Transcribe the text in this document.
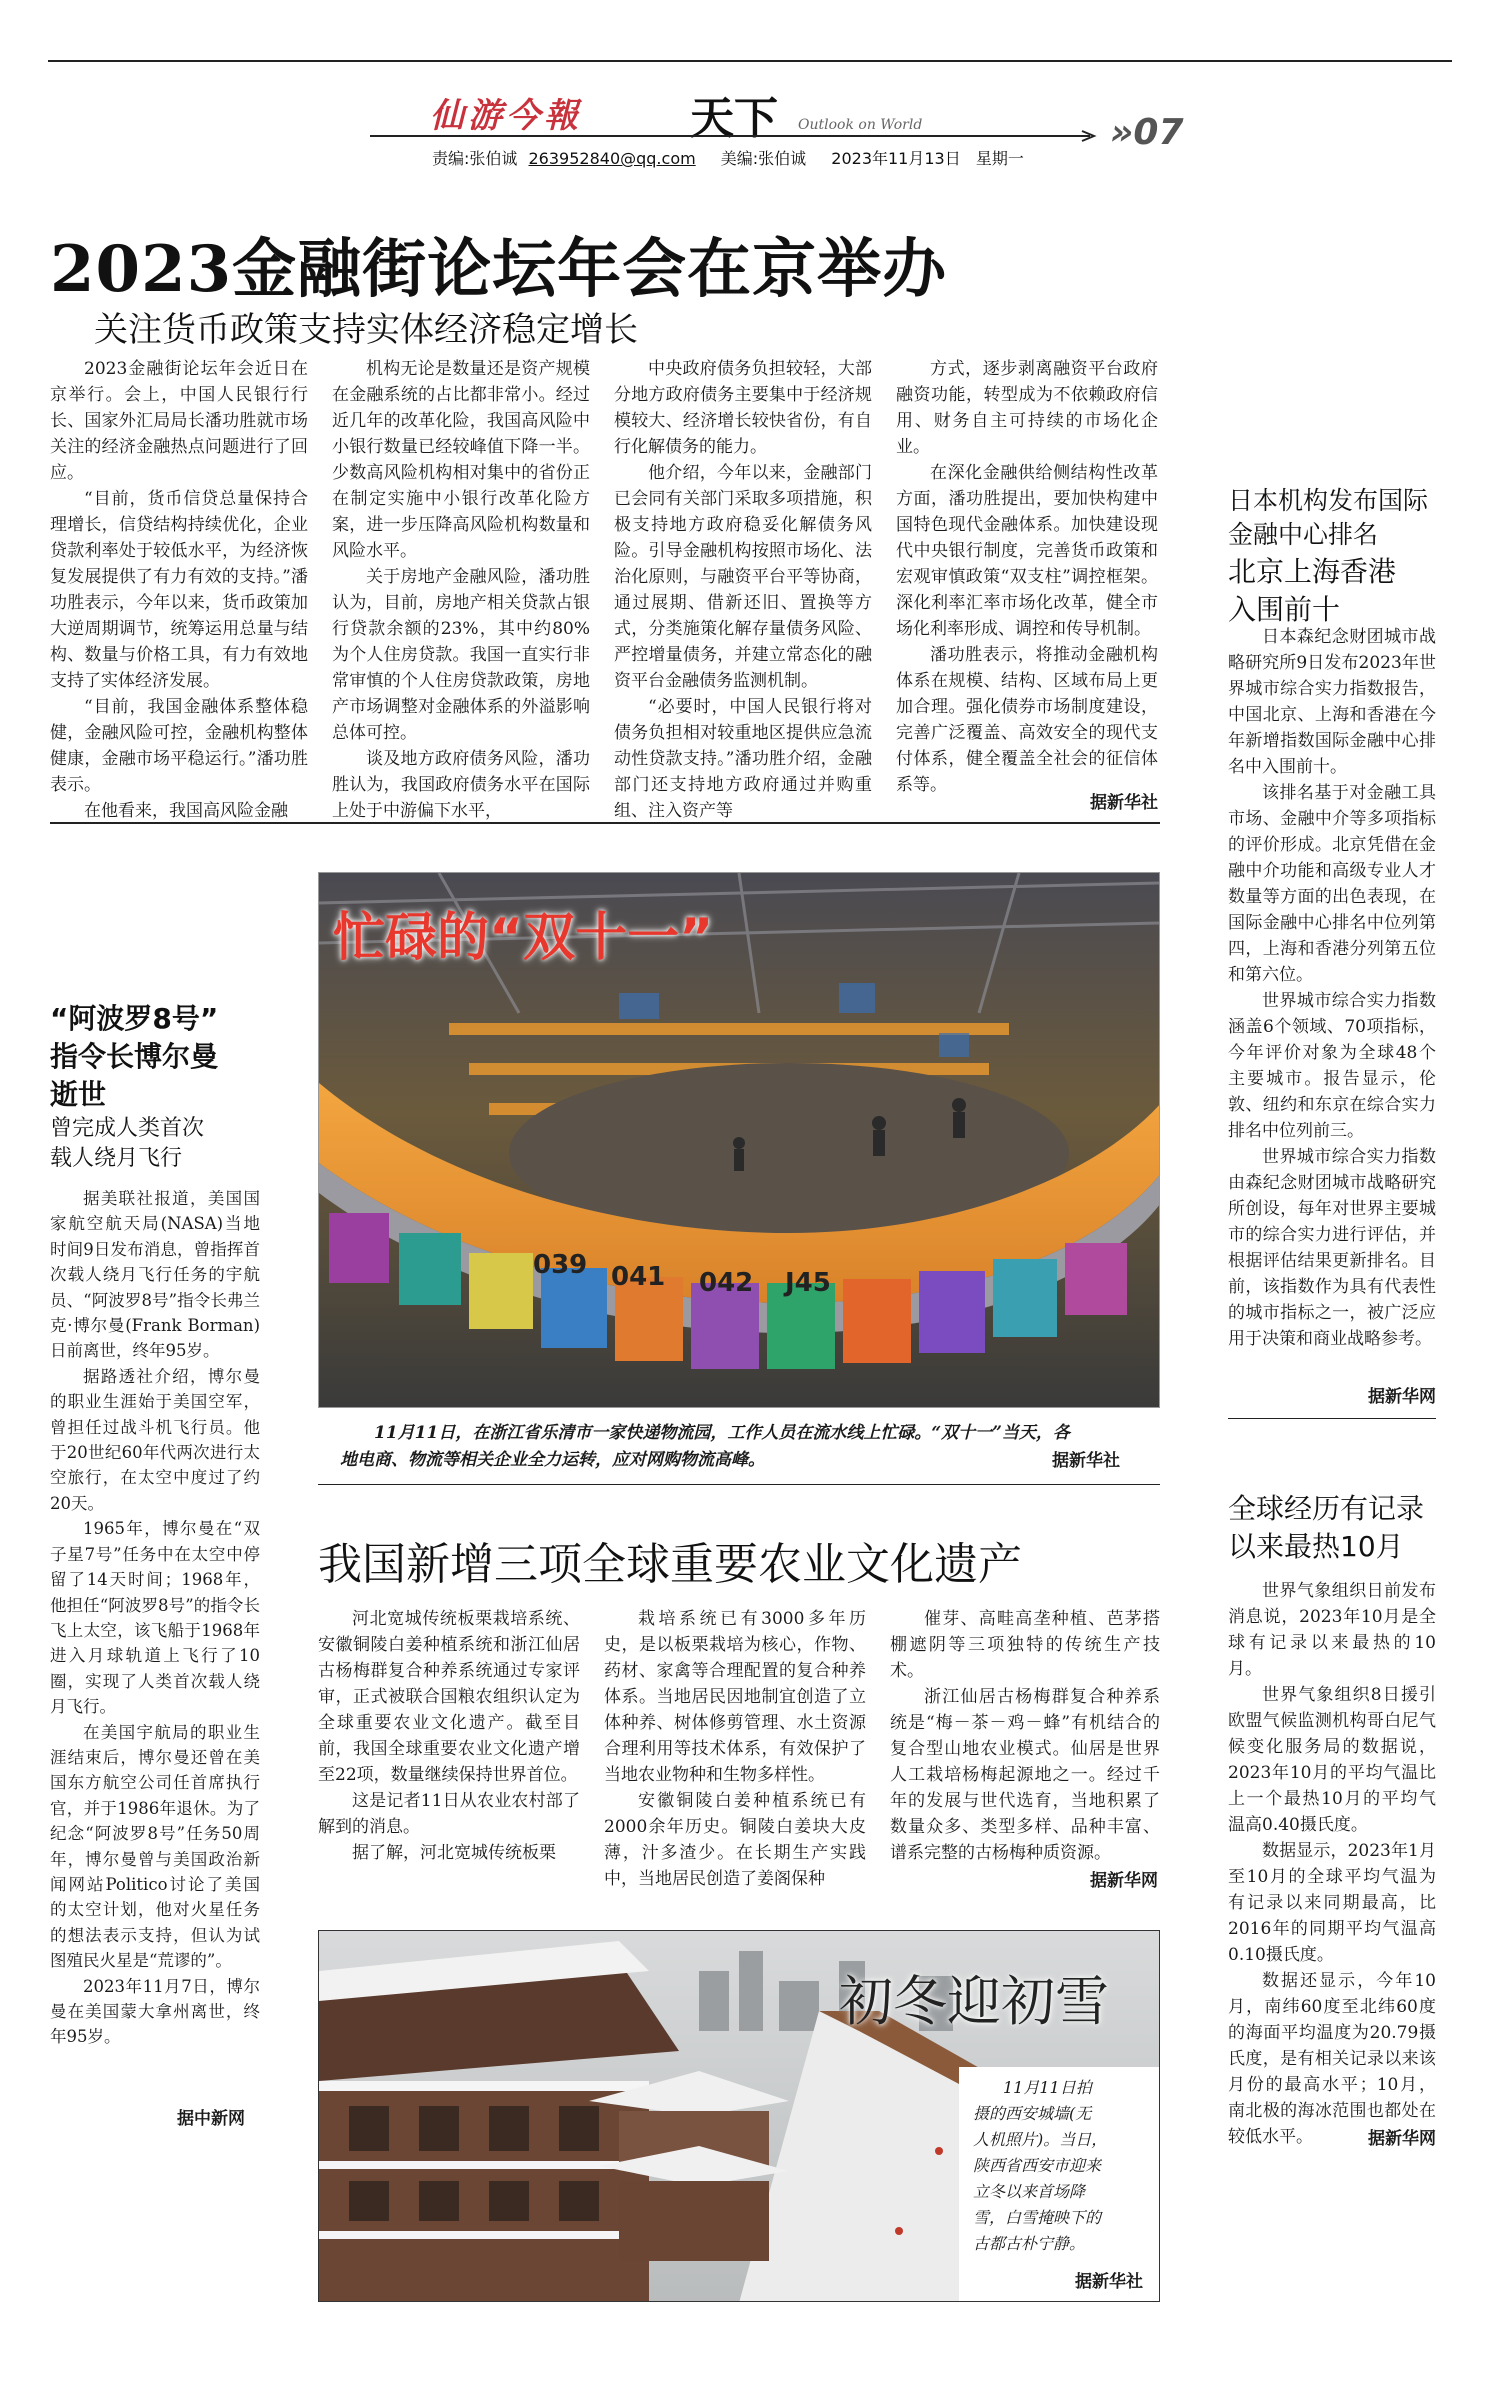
仙游今報 天下 Outlook on World	»07
责编:张伯诚 263952840@qq.com 美编:张伯诚 2023年11月13日 星期一
2023金融街论坛年会在京举办
关注货币政策支持实体经济稳定增长

2023金融街论坛年会近日在京举行。会上，中国人民银行行长、国家外汇局局长潘功胜就市场关注的经济金融热点问题进行了回应。

“目前，货币信贷总量保持合理增长，信贷结构持续优化，企业贷款利率处于较低水平，为经济恢复发展提供了有力有效的支持。”潘功胜表示，今年以来，货币政策加大逆周期调节，统筹运用总量与结构、数量与价格工具，有力有效地支持了实体经济发展。

“目前，我国金融体系整体稳健，金融风险可控，金融机构整体健康，金融市场平稳运行。”潘功胜表示。

在他看来，我国高风险金融

机构无论是数量还是资产规模在金融系统的占比都非常小。经过近几年的改革化险，我国高风险中小银行数量已经较峰值下降一半。少数高风险机构相对集中的省份正在制定实施中小银行改革化险方案，进一步压降高风险机构数量和风险水平。

关于房地产金融风险，潘功胜认为，目前，房地产相关贷款占银行贷款余额的23%，其中约80%为个人住房贷款。我国一直实行非常审慎的个人住房贷款政策，房地产市场调整对金融体系的外溢影响总体可控。

谈及地方政府债务风险，潘功胜认为，我国政府债务水平在国际上处于中游偏下水平，

中央政府债务负担较轻，大部分地方政府债务主要集中于经济规模较大、经济增长较快省份，有自行化解债务的能力。

他介绍，今年以来，金融部门已会同有关部门采取多项措施，积极支持地方政府稳妥化解债务风险。引导金融机构按照市场化、法治化原则，与融资平台平等协商，通过展期、借新还旧、置换等方式，分类施策化解存量债务风险、严控增量债务，并建立常态化的融资平台金融债务监测机制。

“必要时，中国人民银行将对债务负担相对较重地区提供应急流动性贷款支持。”潘功胜介绍，金融部门还支持地方政府通过并购重组、注入资产等

方式，逐步剥离融资平台政府融资功能，转型成为不依赖政府信用、财务自主可持续的市场化企业。

在深化金融供给侧结构性改革方面，潘功胜提出，要加快构建中国特色现代金融体系。加快建设现代中央银行制度，完善货币政策和宏观审慎政策“双支柱”调控框架。深化利率汇率市场化改革，健全市场化利率形成、调控和传导机制。

潘功胜表示，将推动金融机构体系在规模、结构、区域布局上更加合理。强化债券市场制度建设，完善广泛覆盖、高效安全的现代支付体系，健全覆盖全社会的征信体系等。

据新华社
日本机构发布国际
金融中心排名
北京上海香港
入围前十

日本森纪念财团城市战略研究所9日发布2023年世界城市综合实力指数报告，中国北京、上海和香港在今年新增指数国际金融中心排名中入围前十。

该排名基于对金融工具市场、金融中介等多项指标的评价形成。北京凭借在金融中介功能和高级专业人才数量等方面的出色表现，在国际金融中心排名中位列第四，上海和香港分列第五位和第六位。

世界城市综合实力指数涵盖6个领域、70项指标，今年评价对象为全球48个主要城市。报告显示，伦敦、纽约和东京在综合实力排名中位列前三。

世界城市综合实力指数由森纪念财团城市战略研究所创设，每年对世界主要城市的综合实力进行评估，并根据评估结果更新排名。目前，该指数作为具有代表性的城市指标之一，被广泛应用于决策和商业战略参考。

据新华网
“阿波罗8号”
指令长博尔曼
逝世
曾完成人类首次
载人绕月飞行

据美联社报道，美国国家航空航天局(NASA)当地时间9日发布消息，曾指挥首次载人绕月飞行任务的宇航员、“阿波罗8号”指令长弗兰克·博尔曼(Frank Borman)日前离世，终年95岁。

据路透社介绍，博尔曼的职业生涯始于美国空军，曾担任过战斗机飞行员。他于20世纪60年代两次进行太空旅行，在太空中度过了约20天。

1965年，博尔曼在“双子星7号”任务中在太空中停留了14天时间；1968年，他担任“阿波罗8号”的指令长飞上太空，该飞船于1968年进入月球轨道上飞行了10圈，实现了人类首次载人绕月飞行。

在美国宇航局的职业生涯结束后，博尔曼还曾在美国东方航空公司任首席执行官，并于1986年退休。为了纪念“阿波罗8号”任务50周年，博尔曼曾与美国政治新闻网站Politico讨论了美国的太空计划，他对火星任务的想法表示支持，但认为试图殖民火星是“荒谬的”。

2023年11月7日，博尔曼在美国蒙大拿州离世，终年95岁。

据中新网
039 041 042 J45
忙碌的“双十一”
11月11日，在浙江省乐清市一家快递物流园，工作人员在流水线上忙碌。“双十一”当天，各
地电商、物流等相关企业全力运转，应对网购物流高峰。	据新华社
我国新增三项全球重要农业文化遗产

河北宽城传统板栗栽培系统、安徽铜陵白姜种植系统和浙江仙居古杨梅群复合种养系统通过专家评审，正式被联合国粮农组织认定为全球重要农业文化遗产。截至目前，我国全球重要农业文化遗产增至22项，数量继续保持世界首位。

这是记者11日从农业农村部了解到的消息。

据了解，河北宽城传统板栗

栽培系统已有3000多年历史，是以板栗栽培为核心，作物、药材、家禽等合理配置的复合种养体系。当地居民因地制宜创造了立体种养、树体修剪管理、水土资源合理利用等技术体系，有效保护了当地农业物种和生物多样性。

安徽铜陵白姜种植系统已有2000余年历史。铜陵白姜块大皮薄，汁多渣少。在长期生产实践中，当地居民创造了姜阁保种

催芽、高畦高垄种植、芭茅搭棚遮阴等三项独特的传统生产技术。

浙江仙居古杨梅群复合种养系统是“梅－茶－鸡－蜂”有机结合的复合型山地农业模式。仙居是世界人工栽培杨梅起源地之一。经过千年的发展与世代选育，当地积累了数量众多、类型多样、品种丰富、谱系完整的古杨梅种质资源。

据新华网
全球经历有记录
以来最热10月

世界气象组织日前发布消息说，2023年10月是全球有记录以来最热的10月。

世界气象组织8日援引欧盟气候监测机构哥白尼气候变化服务局的数据说，2023年10月的平均气温比上一个最热10月的平均气温高0.40摄氏度。

数据显示，2023年1月至10月的全球平均气温为有记录以来同期最高，比2016年的同期平均气温高0.10摄氏度。

数据还显示，今年10月，南纬60度至北纬60度的海面平均温度为20.79摄氏度，是有相关记录以来该月份的最高水平；10月，南北极的海冰范围也都处在较低水平。	据新华网
初冬迎初雪
11月11日拍
摄的西安城墙(无
人机照片)。当日，
陕西省西安市迎来
立冬以来首场降
雪，白雪掩映下的
古都古朴宁静。
据新华社
